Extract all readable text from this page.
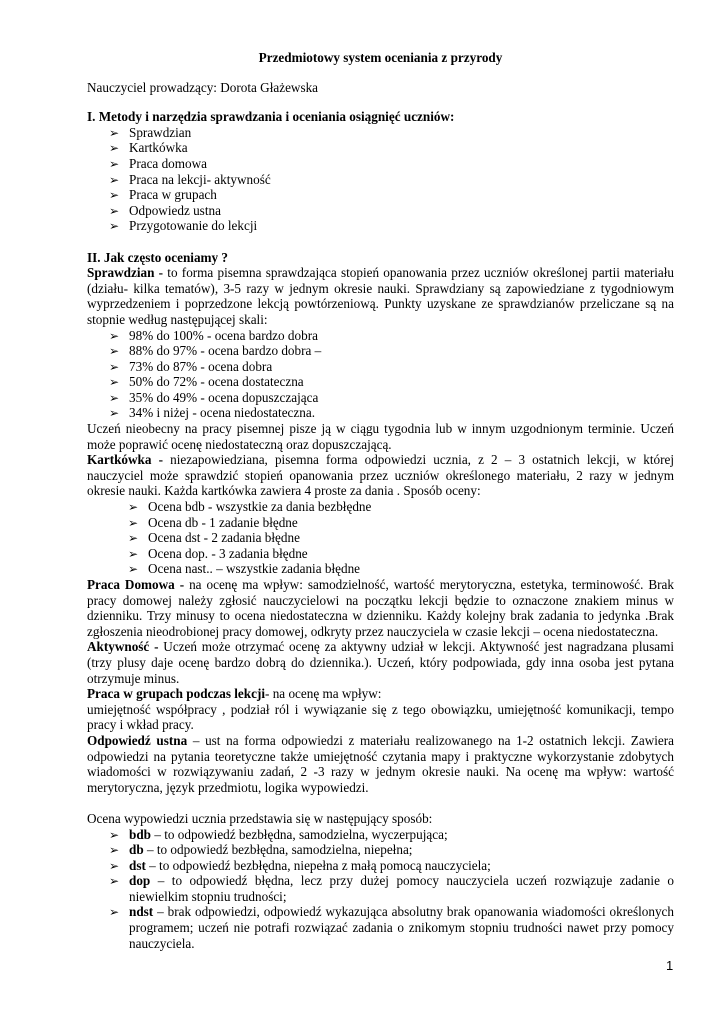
Przedmiotowy system oceniania z przyrody
Nauczyciel prowadzący: Dorota Głażewska
I. Metody i narzędzia sprawdzania i oceniania osiągnięć uczniów:
➢
Sprawdzian
➢
Kartkówka
➢
Praca domowa
➢
Praca na lekcji- aktywność
➢
Praca w grupach
➢
Odpowiedz ustna
➢
Przygotowanie do lekcji
II. Jak często oceniamy ?

Sprawdzian - to forma pisemna sprawdzająca stopień opanowania przez uczniów określonej partii materiału (działu- kilka tematów), 3-5 razy w jednym okresie nauki. Sprawdziany są zapowiedziane z tygodniowym wyprzedzeniem i poprzedzone lekcją powtórzeniową. Punkty uzyskane ze sprawdzianów przeliczane są na stopnie według następującej skali:

➢
98% do 100% - ocena bardzo dobra
➢
88% do 97% - ocena bardzo dobra –
➢
73% do 87% - ocena dobra
➢
50% do 72% - ocena dostateczna
➢
35% do 49% - ocena dopuszczająca
➢
34% i niżej - ocena niedostateczna.

Uczeń nieobecny na pracy pisemnej pisze ją w ciągu tygodnia lub w innym uzgodnionym terminie. Uczeń może poprawić ocenę niedostateczną oraz dopuszczającą.

Kartkówka - niezapowiedziana, pisemna forma odpowiedzi ucznia, z 2 – 3 ostatnich lekcji, w której nauczyciel może sprawdzić stopień opanowania przez uczniów określonego materiału, 2 razy w jednym okresie nauki. Każda kartkówka zawiera 4 proste za dania . Sposób oceny:

➢
Ocena bdb - wszystkie za dania bezbłędne
➢
Ocena db - 1 zadanie błędne
➢
Ocena dst - 2 zadania błędne
➢
Ocena dop. - 3 zadania błędne
➢
Ocena nast.. – wszystkie zadania błędne

Praca Domowa - na ocenę ma wpływ: samodzielność, wartość merytoryczna, estetyka, terminowość. Brak pracy domowej należy zgłosić nauczycielowi na początku lekcji będzie to oznaczone znakiem minus w dzienniku. Trzy minusy to ocena niedostateczna w dzienniku. Każdy kolejny brak zadania to jedynka .Brak zgłoszenia nieodrobionej pracy domowej, odkryty przez nauczyciela w czasie lekcji – ocena niedostateczna.

Aktywność - Uczeń może otrzymać ocenę za aktywny udział w lekcji. Aktywność jest nagradzana plusami (trzy plusy daje ocenę bardzo dobrą do dziennika.). Uczeń, który podpowiada, gdy inna osoba jest pytana otrzymuje minus.

Praca w grupach podczas lekcji- na ocenę ma wpływ:

umiejętność współpracy , podział ról i wywiązanie się z tego obowiązku, umiejętność komunikacji, tempo pracy i wkład pracy.

Odpowiedź ustna – ust na forma odpowiedzi z materiału realizowanego na 1-2 ostatnich lekcji. Zawiera odpowiedzi na pytania teoretyczne także umiejętność czytania mapy i praktyczne wykorzystanie zdobytych wiadomości w rozwiązywaniu zadań, 2 -3 razy w jednym okresie nauki. Na ocenę ma wpływ: wartość merytoryczna, język przedmiotu, logika wypowiedzi.

Ocena wypowiedzi ucznia przedstawia się w następujący sposób:

➢
bdb – to odpowiedź bezbłędna, samodzielna, wyczerpująca;
➢
db – to odpowiedź bezbłędna, samodzielna, niepełna;
➢
dst – to odpowiedź bezbłędna, niepełna z małą pomocą nauczyciela;
➢
dop – to odpowiedź błędna, lecz przy dużej pomocy nauczyciela uczeń rozwiązuje zadanie o niewielkim stopniu trudności;
➢
ndst – brak odpowiedzi, odpowiedź wykazująca absolutny brak opanowania wiadomości określonych programem; uczeń nie potrafi rozwiązać zadania o znikomym stopniu trudności nawet przy pomocy nauczyciela.
1
